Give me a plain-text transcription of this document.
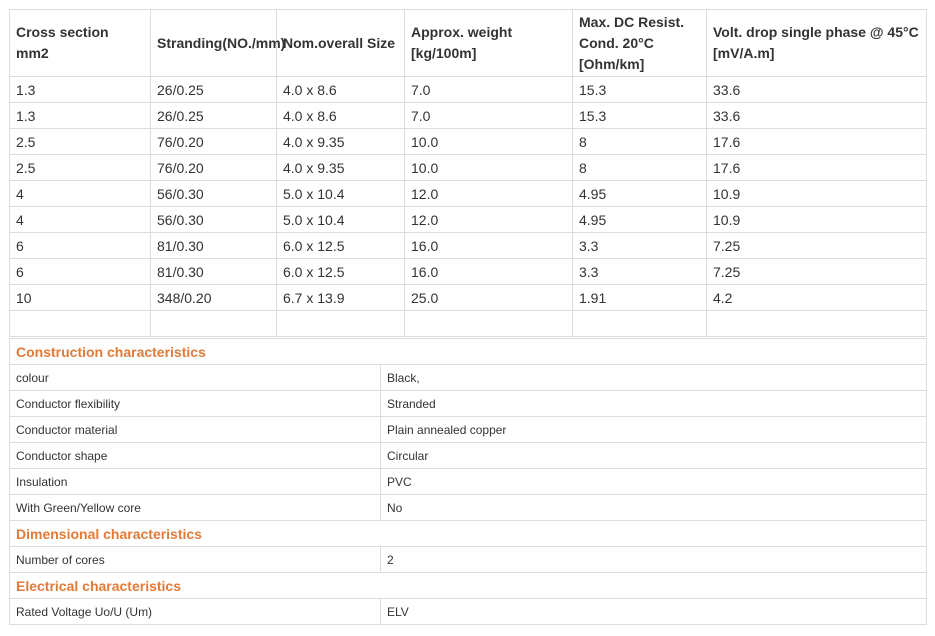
Cross section mm2	Stranding(NO./mm)	Nom.overall Size	Approx. weight [kg/100m]	Max. DC Resist. Cond. 20°C [Ohm/km]	Volt. drop single phase @ 45°C [mV/A.m]
1.3	26/0.25	4.0 x 8.6	7.0	15.3	33.6
1.3	26/0.25	4.0 x 8.6	7.0	15.3	33.6
2.5	76/0.20	4.0 x 9.35	10.0	8	17.6
2.5	76/0.20	4.0 x 9.35	10.0	8	17.6
4	56/0.30	5.0 x 10.4	12.0	4.95	10.9
4	56/0.30	5.0 x 10.4	12.0	4.95	10.9
6	81/0.30	6.0 x 12.5	16.0	3.3	7.25
6	81/0.30	6.0 x 12.5	16.0	3.3	7.25
10	348/0.20	6.7 x 13.9	25.0	1.91	4.2

Construction characteristics	
colour	Black,
Conductor flexibility	Stranded
Conductor material	Plain annealed copper
Conductor shape	Circular
Insulation	PVC
With Green/Yellow core	No
Dimensional characteristics	
Number of cores	2
Electrical characteristics	
Rated Voltage Uo/U (Um)	ELV
